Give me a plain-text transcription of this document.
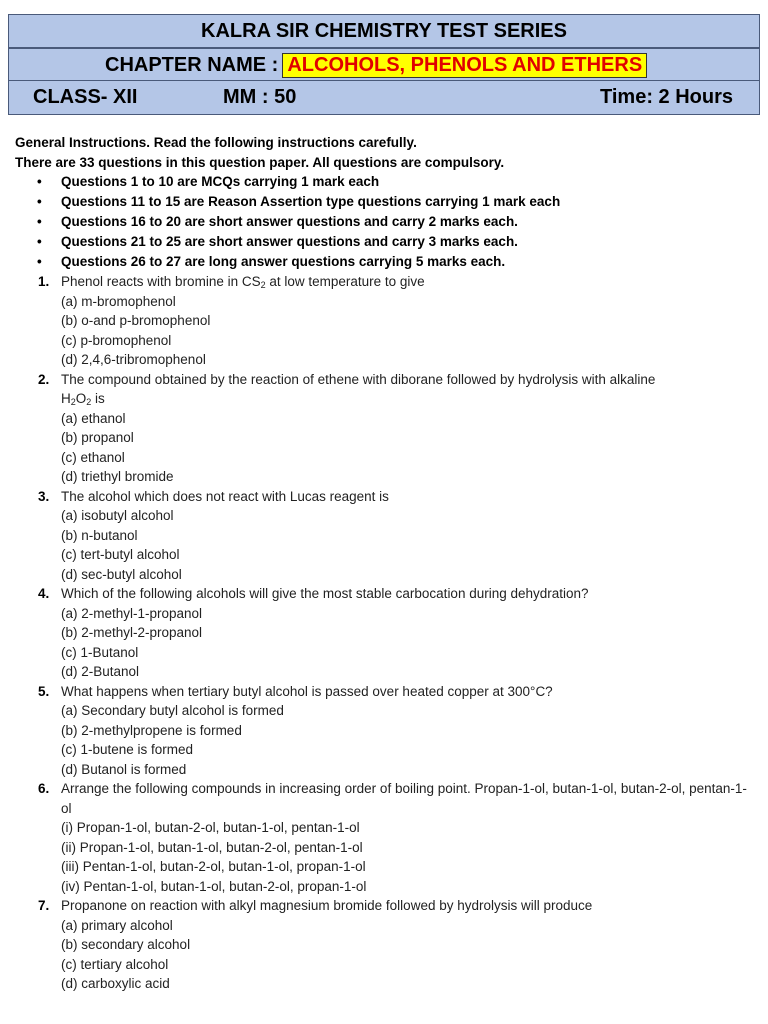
KALRA SIR CHEMISTRY TEST SERIES
CHAPTER NAME : ALCOHOLS, PHENOLS AND ETHERS
CLASS- XII	MM : 50	Time: 2 Hours
General Instructions. Read the following instructions carefully.
There are 33 questions in this question paper. All questions are compulsory.
• Questions 1 to 10 are MCQs carrying 1 mark each
• Questions 11 to 15 are Reason Assertion type questions carrying 1 mark each
• Questions 16 to 20 are short answer questions and carry 2 marks each.
• Questions 21 to 25 are short answer questions and carry 3 marks each.
• Questions 26 to 27 are long answer questions carrying 5 marks each.
1. Phenol reacts with bromine in $CS_2$ at low temperature to give
(a) m-bromophenol
(b) o-and p-bromophenol
(c) p-bromophenol
(d) 2,4,6-tribromophenol
2. The compound obtained by the reaction of ethene with diborane followed by hydrolysis with alkaline
$H_2O_2$ is
(a) ethanol
(b) propanol
(c) ethanol
(d) triethyl bromide
3. The alcohol which does not react with Lucas reagent is
(a) isobutyl alcohol
(b) n-butanol
(c) tert-butyl alcohol
(d) sec-butyl alcohol
4. Which of the following alcohols will give the most stable carbocation during dehydration?
(a) 2-methyl-1-propanol
(b) 2-methyl-2-propanol
(c) 1-Butanol
(d) 2-Butanol
5. What happens when tertiary butyl alcohol is passed over heated copper at 300°C?
(a) Secondary butyl alcohol is formed
(b) 2-methylpropene is formed
(c) 1-butene is formed
(d) Butanol is formed
6. Arrange the following compounds in increasing order of boiling point. Propan-1-ol, butan-1-ol, butan-2-ol, pentan-1-ol
(i) Propan-1-ol, butan-2-ol, butan-1-ol, pentan-1-ol
(ii) Propan-1-ol, butan-1-ol, butan-2-ol, pentan-1-ol
(iii) Pentan-1-ol, butan-2-ol, butan-1-ol, propan-1-ol
(iv) Pentan-1-ol, butan-1-ol, butan-2-ol, propan-1-ol
7. Propanone on reaction with alkyl magnesium bromide followed by hydrolysis will produce
(a) primary alcohol
(b) secondary alcohol
(c) tertiary alcohol
(d) carboxylic acid
